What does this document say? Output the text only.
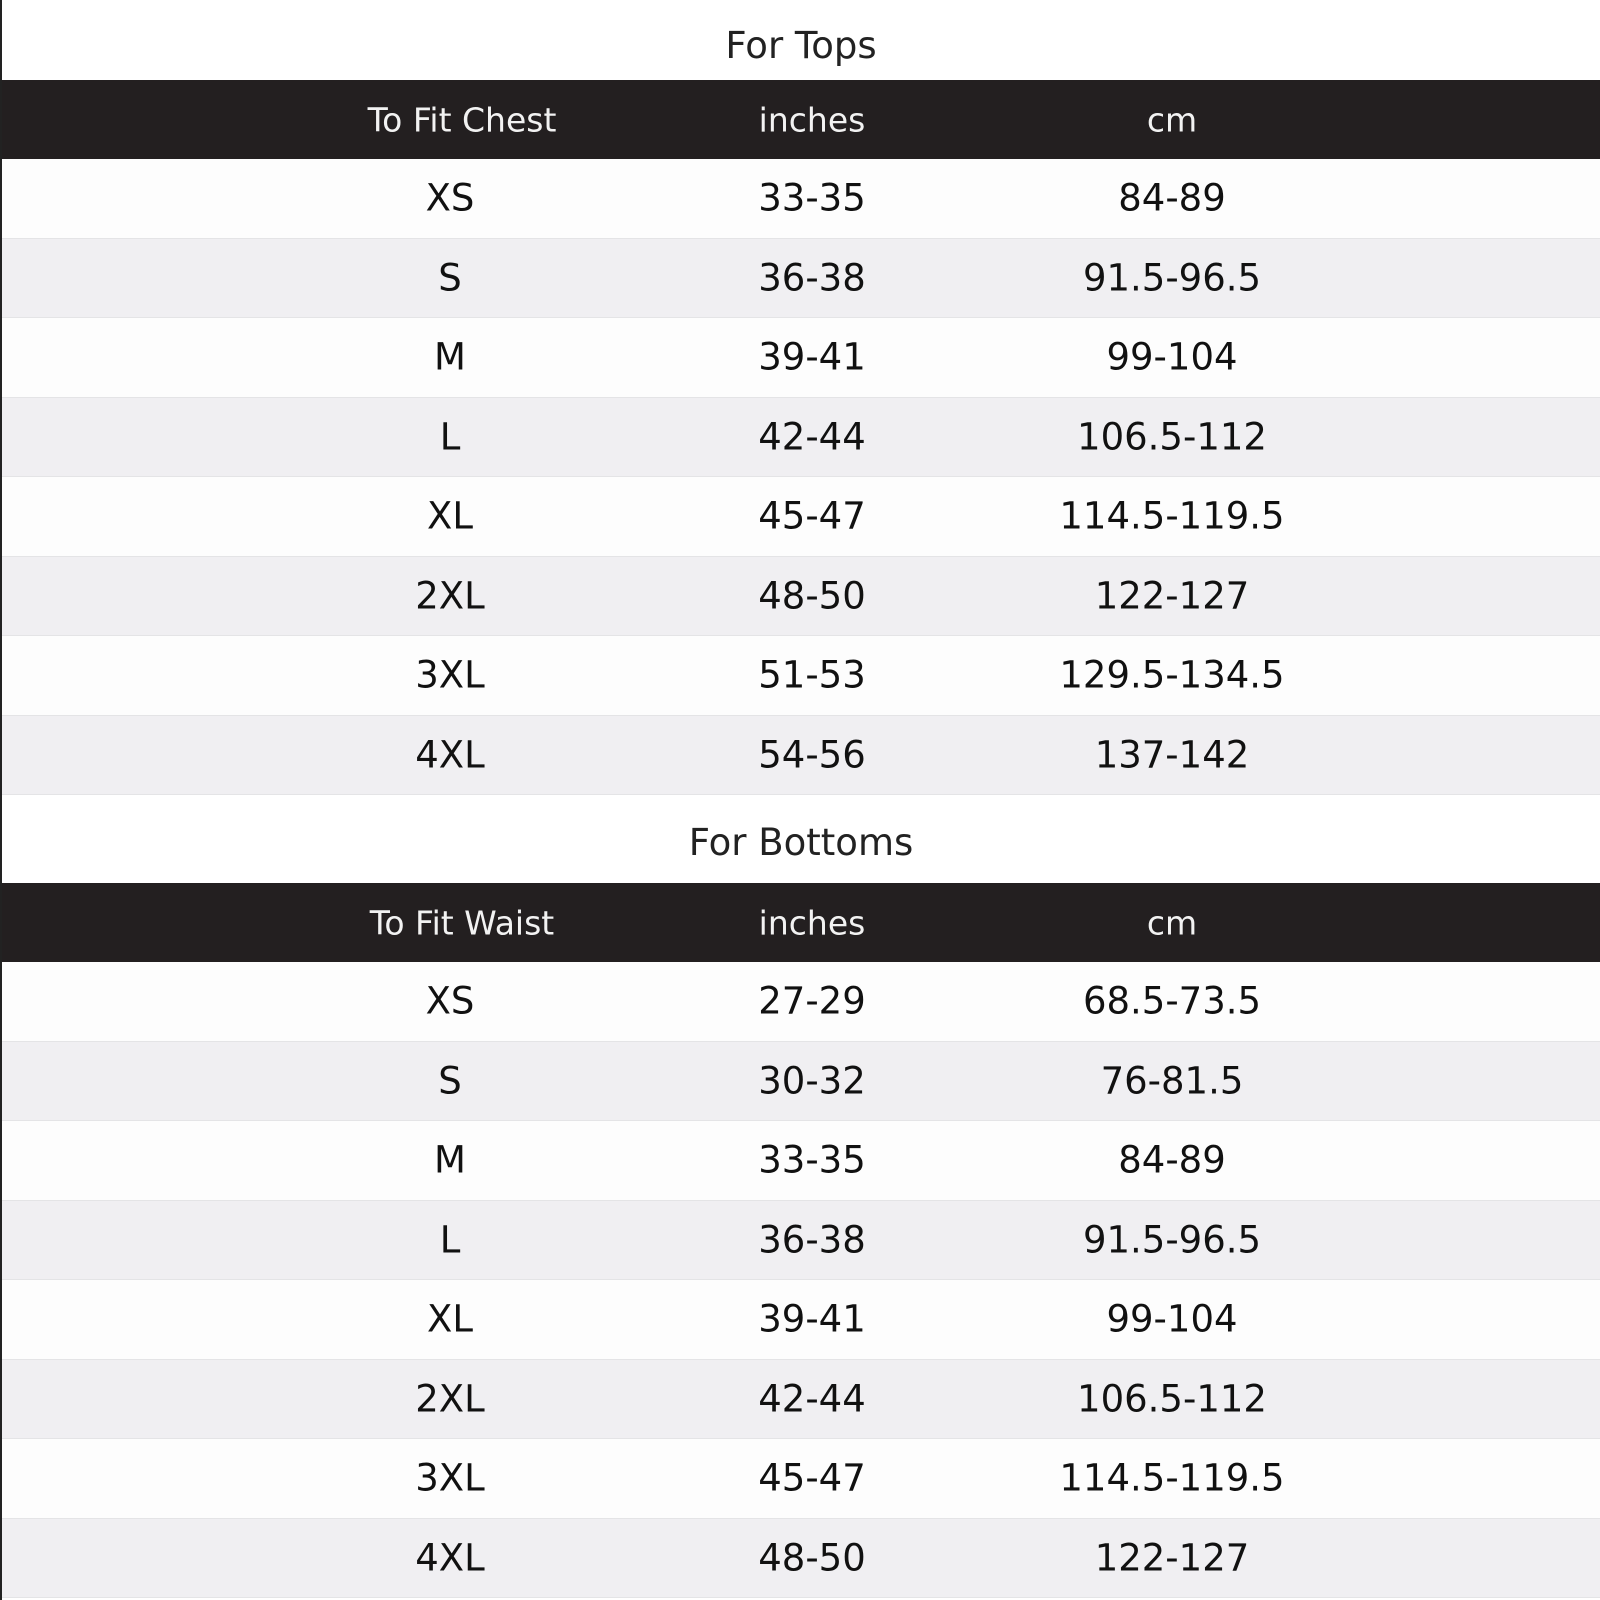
For Tops
To Fit Chest	inches	cm
XS	33-35	84-89
S	36-38	91.5-96.5
M	39-41	99-104
L	42-44	106.5-112
XL	45-47	114.5-119.5
2XL	48-50	122-127
3XL	51-53	129.5-134.5
4XL	54-56	137-142
For Bottoms
To Fit Waist	inches	cm
XS	27-29	68.5-73.5
S	30-32	76-81.5
M	33-35	84-89
L	36-38	91.5-96.5
XL	39-41	99-104
2XL	42-44	106.5-112
3XL	45-47	114.5-119.5
4XL	48-50	122-127
